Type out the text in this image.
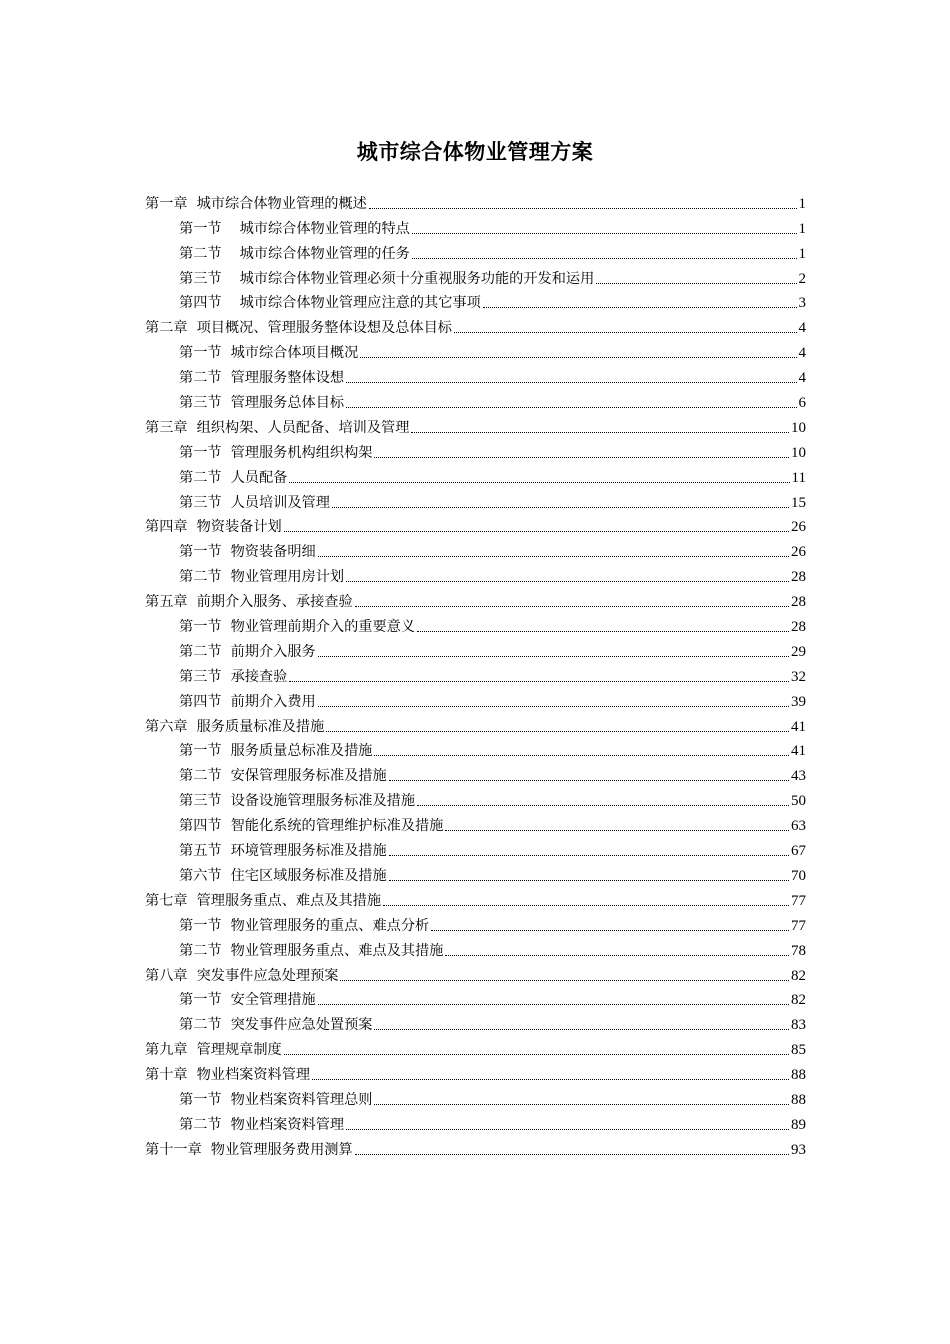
城市综合体物业管理方案
第一章  城市综合体物业管理的概述	1
第一节    城市综合体物业管理的特点	1
第二节    城市综合体物业管理的任务	1
第三节    城市综合体物业管理必须十分重视服务功能的开发和运用	2
第四节    城市综合体物业管理应注意的其它事项	3
第二章  项目概况、管理服务整体设想及总体目标	4
第一节  城市综合体项目概况	4
第二节  管理服务整体设想	4
第三节  管理服务总体目标	6
第三章  组织构架、人员配备、培训及管理	10
第一节  管理服务机构组织构架	10
第二节  人员配备	11
第三节  人员培训及管理	15
第四章  物资装备计划	26
第一节  物资装备明细	26
第二节  物业管理用房计划	28
第五章  前期介入服务、承接查验	28
第一节  物业管理前期介入的重要意义	28
第二节  前期介入服务	29
第三节  承接查验	32
第四节  前期介入费用	39
第六章  服务质量标准及措施	41
第一节  服务质量总标准及措施	41
第二节  安保管理服务标准及措施	43
第三节  设备设施管理服务标准及措施	50
第四节  智能化系统的管理维护标准及措施	63
第五节  环境管理服务标准及措施	67
第六节  住宅区域服务标准及措施	70
第七章  管理服务重点、难点及其措施	77
第一节  物业管理服务的重点、难点分析	77
第二节  物业管理服务重点、难点及其措施	78
第八章  突发事件应急处理预案	82
第一节  安全管理措施	82
第二节  突发事件应急处置预案	83
第九章  管理规章制度	85
第十章  物业档案资料管理	88
第一节  物业档案资料管理总则	88
第二节  物业档案资料管理	89
第十一章  物业管理服务费用测算	93
